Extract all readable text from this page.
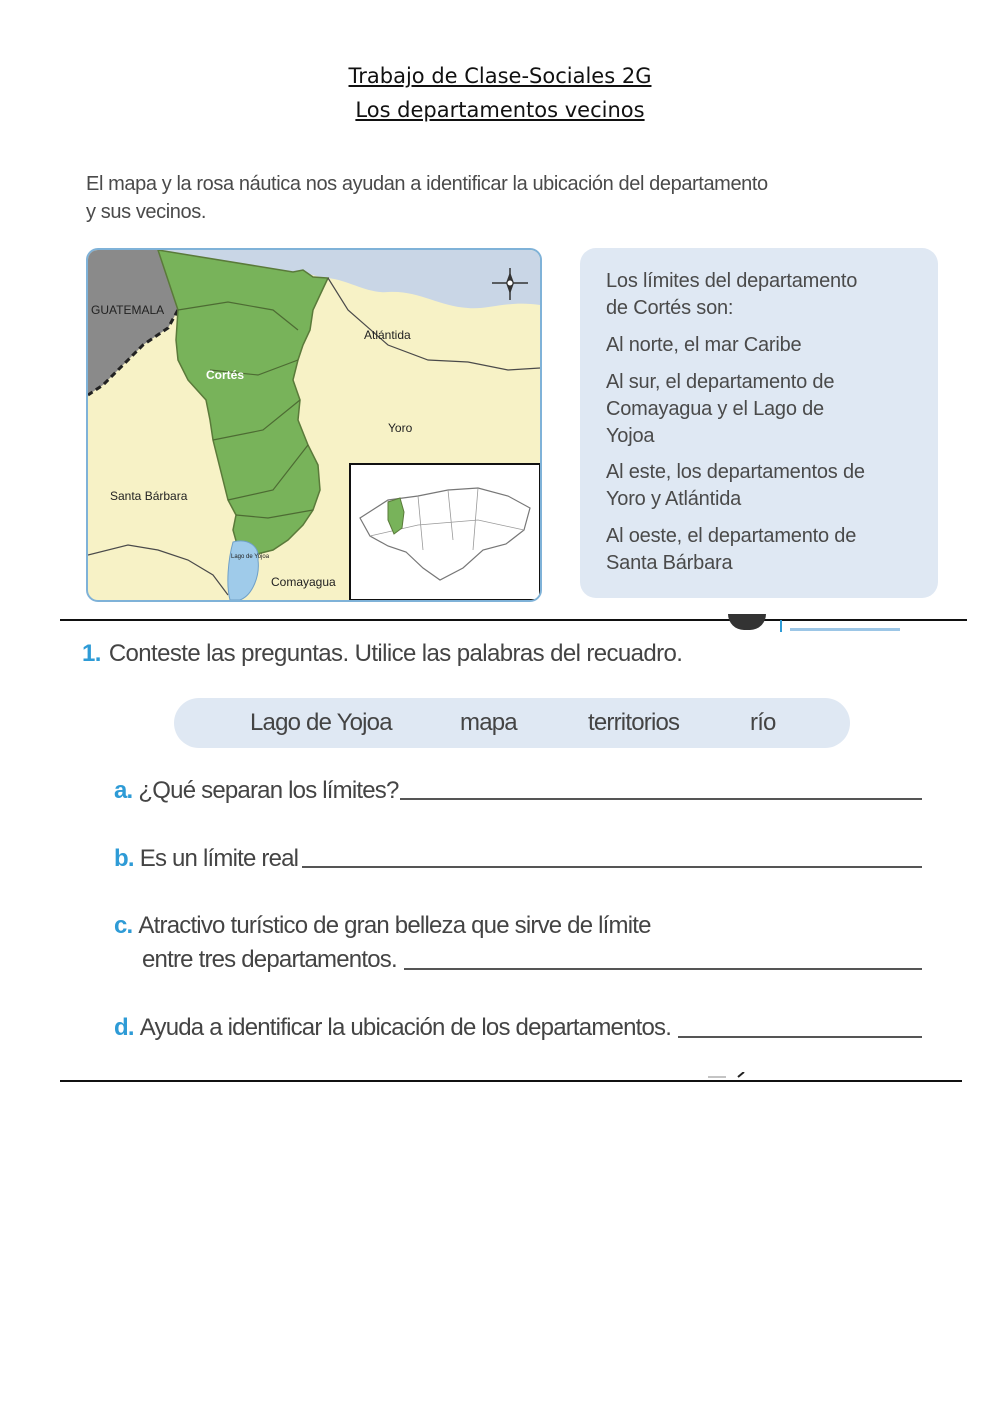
Trabajo de Clase-Sociales 2G
Los departamentos vecinos
El mapa y la rosa náutica nos ayudan a identificar la ubicación del departamento
y sus vecinos.
GUATEMALA
Atlántida
Cortés
Yoro
Santa Bárbara
Lago de Yojoa
Comayagua
Los límites del departamento
de Cortés son:
Al norte, el mar Caribe
Al sur, el departamento de
Comayagua y el Lago de
Yojoa
Al este, los departamentos de
Yoro y Atlántida
Al oeste, el departamento de
Santa Bárbara
1. Conteste las preguntas. Utilice las palabras del recuadro.
Lago de Yojoa	mapa	territorios	río
a. ¿Qué separan los límites?
b. Es un límite real
c. Atractivo turístico de gran belleza que sirve de límite
entre tres departamentos.
d. Ayuda a identificar la ubicación de los departamentos.
